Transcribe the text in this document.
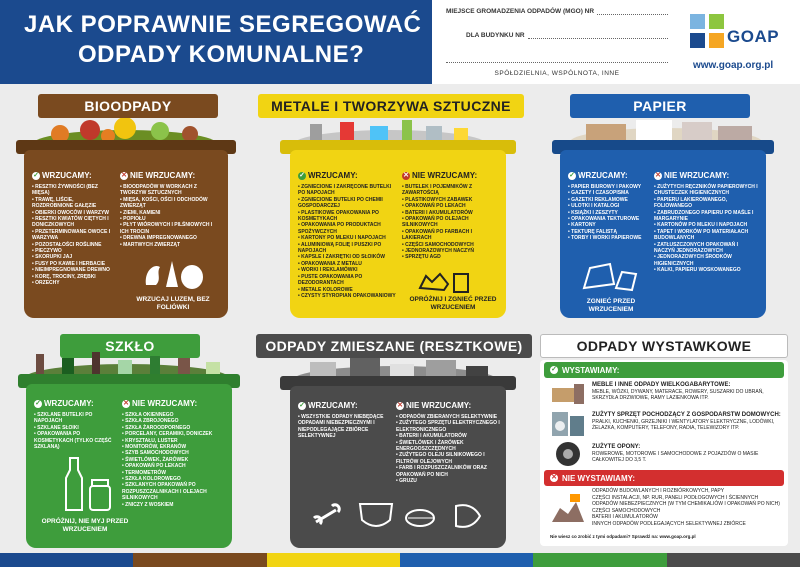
JAK POPRAWNIE SEGREGOWAĆ
ODPADY KOMUNALNE?
MIEJSCE GROMADZENIA ODPADÓW (MGO) NR
DLA BUDYNKU NR
SPÓŁDZIELNIA, WSPÓLNOTA, INNE
GOAP
www.goap.org.pl
BIOODPADY
✓ WRZUCAMY:
• RESZTKI ŻYWNOŚCI (BEZ MIĘSA)
• TRAWĘ, LIŚCIE, ROZDROBNIONE GAŁĘZIE
• OBIERKI OWOCÓW I WARZYW
• RESZTKI KWIATÓW CIĘTYCH I DONICZKOWYCH
• PRZETERMINOWANE OWOCE I WARZYWA
• POZOSTAŁOŚCI ROŚLINNE
• PIECZYWO
• SKORUPKI JAJ
• FUSY PO KAWIE I HERBACIE
• NIEIMPREGNOWANE DREWNO
• KORĘ, TROCINY, ZRĘBKI
• ORZECHY
✕ NIE WRZUCAMY:
• BIOODPADÓW W WORKACH Z TWORZYW SZTUCZNYCH
• MIĘSA, KOŚCI, OŚCI I ODCHODÓW ZWIERZĄT
• ZIEMI, KAMIENI
• POPIOŁU
• PŁYT WIÓROWYCH I PILŚNIOWYCH I ICH TROCIN
• DREWNA IMPREGNOWANEGO
• MARTWYCH ZWIERZĄT
WRZUCAJ LUZEM, BEZ FOLIÓWKI
METALE I TWORZYWA SZTUCZNE
✓ WRZUCAMY:
• ZGNIECIONE I ZAKRĘCONE BUTELKI PO NAPOJACH
• ZGNIECIONE BUTELKI PO CHEMII GOSPODARCZEJ
• PLASTIKOWE OPAKOWANIA PO KOSMETYKACH
• OPAKOWANIA PO PRODUKTACH SPOŻYWCZYCH
• KARTONY PO MLEKU I NAPOJACH
• ALUMINIOWĄ FOLIĘ I PUSZKI PO NAPOJACH
• KAPSLE I ZAKRĘTKI OD SŁOIKÓW
• OPAKOWANIA Z METALU
• WORKI I REKLAMÓWKI
• PUSTE OPAKOWANIA PO DEZODORANTACH
• METALE KOLOROWE
• CZYSTY STYROPIAN OPAKOWANIOWY
✕ NIE WRZUCAMY:
• BUTELEK I POJEMNIKÓW Z ZAWARTOŚCIĄ
• PLASTIKOWYCH ZABAWEK
• OPAKOWAŃ PO LEKACH
• BATERII I AKUMULATORÓW
• OPAKOWAŃ PO OLEJACH SILNIKOWYCH
• OPAKOWAŃ PO FARBACH I LAKIERACH
• CZĘŚCI SAMOCHODOWYCH
• JEDNORAZOWYCH NACZYŃ
• SPRZĘTU AGD
OPRÓŻNIJ I ZGNIEĆ PRZED WRZUCENIEM
PAPIER
✓ WRZUCAMY:
• PAPIER BIUROWY I PAKOWY
• GAZETY I CZASOPISMA
• GAZETKI REKLAMOWE
• ULOTKI I KATALOGI
• KSIĄŻKI I ZESZYTY
• OPAKOWANIA TEKTUROWE
• KARTONY
• TEKTURĘ FALISTĄ
• TORBY I WORKI PAPIEROWE
✕ NIE WRZUCAMY:
• ZUŻYTYCH RĘCZNIKÓW PAPIEROWYCH I CHUSTECZEK HIGIENICZNYCH
• PAPIERU LAKIEROWANEGO, FOLIOWANEGO
• ZABRUDZONEGO PAPIERU PO MAŚLE I MARGARYNIE
• KARTONÓW PO MLEKU I NAPOJACH
• TAPET I WORKÓW PO MATERIAŁACH BUDOWLANYCH
• ZATŁUSZCZONYCH OPAKOWAŃ I NACZYŃ JEDNORAZOWYCH
• JEDNORAZOWYCH ŚRODKÓW HIGIENICZNYCH
• KALKI, PAPIERU WOSKOWANEGO
ZGNIEĆ PRZED WRZUCENIEM
SZKŁO
✓ WRZUCAMY:
• SZKLANE BUTELKI PO NAPOJACH
• SZKLANE SŁOIKI
• OPAKOWANIA PO KOSMETYKACH (TYLKO CZĘŚĆ SZKLANĄ)
✕ NIE WRZUCAMY:
• SZKŁA OKIENNEGO
• SZKŁA ZBROJONEGO
• SZKŁA ŻAROODPORNEGO
• PORCELANY, CERAMIKI, DONICZEK
• KRYSZTAŁU, LUSTER
• MONITORÓW, EKRANÓW
• SZYB SAMOCHODOWYCH
• ŚWIETLÓWEK, ŻARÓWEK
• OPAKOWAŃ PO LEKACH
• TERMOMETRÓW
• SZKŁA KOLOROWEGO
• SZKLANYCH OPAKOWAŃ PO ROZPUSZCZALNIKACH I OLEJACH SILNIKOWYCH
• ZNICZY Z WOSKIEM
OPRÓŻNIJ, NIE MYJ PRZED WRZUCENIEM
ODPADY ZMIESZANE (RESZTKOWE)
✓ WRZUCAMY:
• WSZYSTKIE ODPADY NIEBĘDĄCE ODPADAMI NIEBEZPIECZNYMI I NIEPODLEGAJĄCE ZBIÓRCE SELEKTYWNEJ
✕ NIE WRZUCAMY:
• ODPADÓW ZBIERANYCH SELEKTYWNIE
• ZUŻYTEGO SPRZĘTU ELEKTRYCZNEGO I ELEKTRONICZNEGO
• BATERII I AKUMULATORÓW
• ŚWIETLÓWEK I ŻARÓWEK ENERGOOSZCZĘDNYCH
• ZUŻYTEGO OLEJU SILNIKOWEGO I FILTRÓW OLEJOWYCH
• FARB I ROZPUSZCZALNIKÓW ORAZ OPAKOWAŃ PO NICH
• GRUZU
ODPADY WYSTAWKOWE
✓ WYSTAWIAMY:
MEBLE I INNE ODPADY WIELKOGABARYTOWE:
MEBLE, WÓZKI, DYWANY, MATERACE, ROWERY, SUSZARKI DO UBRAŃ, SKRZYDŁA DRZWIOWE, RAMY LAZIENKOWA ITP.
ZUŻYTY SPRZĘT POCHODZĄCY Z GOSPODARSTW DOMOWYCH:
PRALKI, KUCHENKI, GRZEJNIKI I WENTYLATORY ELEKTRYCZNE, LODÓWKI, ŻELAZKA, KOMPUTERY, TELEFONY, RADIA, TELEWIZORY ITP.
ZUŻYTE OPONY:
ROWEROWE, MOTOROWE I SAMOCHODOWE Z POJAZDÓW O MASIE CAŁKOWITEJ DO 3,5 T.
✕ NIE WYSTAWIAMY:
ODPADÓW BUDOWLANYCH I ROZBIÓRKOWYCH, PAPY
CZĘŚCI INSTALACJI, NP. RUR, PANELI PODŁOGOWYCH I ŚCIENNYCH
ODPADÓW NIEBEZPIECZNYCH (W TYM CHEMIKALIÓW I OPAKOWAŃ PO NICH)
CZĘŚCI SAMOCHODOWYCH
BATERII I AKUMULATORÓW
INNYCH ODPADÓW PODLEGAJĄCYCH SELEKTYWNEJ ZBIÓRCE
Nie wiesz co zrobić z tymi odpadami? Sprawdź na: www.goap.org.pl
